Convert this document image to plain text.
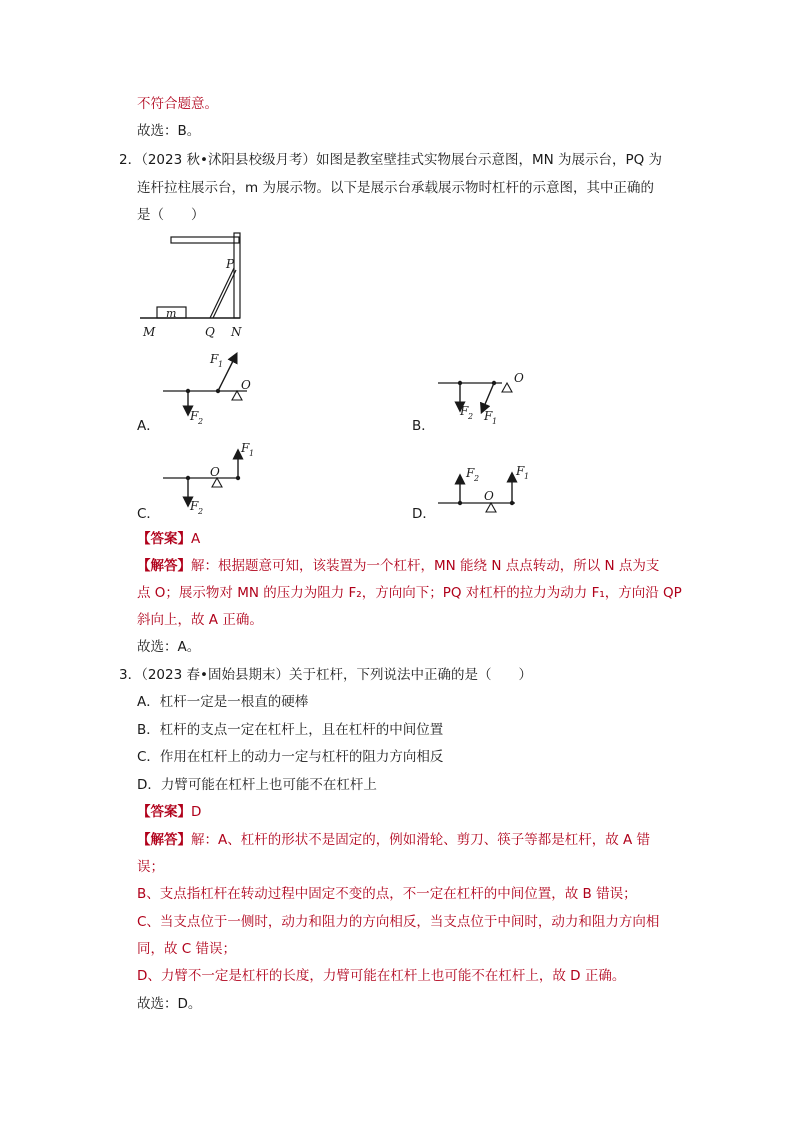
不符合题意。
故选：B。
2．（2023 秋•沭阳县校级月考）如图是教室壁挂式实物展台示意图，MN 为展示台，PQ 为
连杆拉柱展示台，m 为展示物。以下是展示台承载展示物时杠杆的示意图，其中正确的
是（　　）
m
P
M	Q N
O
F 1
F 2
A．
O
F 2 F 1
B．
O
F 1
F 2
C．
O
F 2
F 1
D．
【答案】A
【解答】解：根据题意可知，该装置为一个杠杆，MN 能绕 N 点点转动，所以 N 点为支
点 O；展示物对 MN 的压力为阻力 F₂，方向向下；PQ 对杠杆的拉力为动力 F₁，方向沿 QP
斜向上，故 A 正确。
故选：A。
3．（2023 春•固始县期末）关于杠杆，下列说法中正确的是（　　）
A．杠杆一定是一根直的硬棒
B．杠杆的支点一定在杠杆上，且在杠杆的中间位置
C．作用在杠杆上的动力一定与杠杆的阻力方向相反
D．力臂可能在杠杆上也可能不在杠杆上
【答案】D
【解答】解：A、杠杆的形状不是固定的，例如滑轮、剪刀、筷子等都是杠杆，故 A 错
误；
B、支点指杠杆在转动过程中固定不变的点，不一定在杠杆的中间位置，故 B 错误；
C、当支点位于一侧时，动力和阻力的方向相反，当支点位于中间时，动力和阻力方向相
同，故 C 错误；
D、力臂不一定是杠杆的长度，力臂可能在杠杆上也可能不在杠杆上，故 D 正确。
故选：D。
